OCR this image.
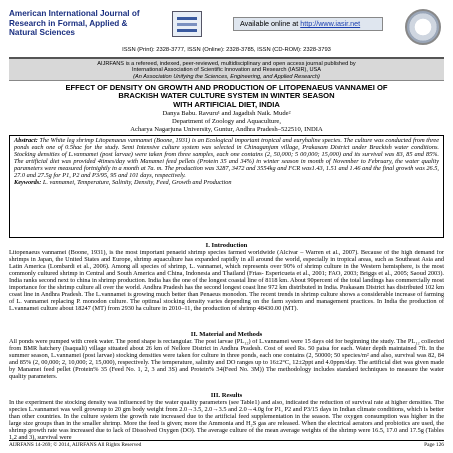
American International Journal of Research in Formal, Applied & Natural Sciences
Available online at http://www.iasir.net
ISSN (Print): 2328-3777, ISSN (Online): 2328-3785, ISSN (CD-ROM): 2328-3793
AIJRFANS is a refereed, indexed, peer-reviewed, multidisciplinary and open access journal published by
International Association of Scientific Innovation and Research (IASIR), USA
(An Association Unifying the Sciences, Engineering, and Applied Research)
EFFECT OF DENSITY ON GROWTH AND PRODUCTION OF LITOPENAEUS VANNAMEI OF
BRACKISH WATER CULTURE SYSTEM IN WINTER SEASON
WITH ARTIFICIAL DIET, INDIA
Danya Babu. Ravuru¹ and Jagadish Naik. Mude²
Department of Zoology and Aquaculture,
Acharya Nagarjuna University, Guntur, Andhra Pradesh–522510, INDIA
Abstract: The White leg shrimp Litopenaeus vannamei (Boone, 1931) is an Ecological important tropical and euryhaline species. The culture was conducted from three ponds each one of 0.5hac for the study. Semi Intensive culture system was selected in Chinaganjam village, Prakasam District under Brackish water conditions. Stocking densities of L.vannamei (post larvae) were taken from three samples, each one contains (2, 50,000; 5 00,000; 15,000) and its survival was 83, 85 and 85%. The artificial diet was provided 4times/day with Manamei feed pellets (Protein 35 and 34%) in winter season in month of November to February, the water quality parameters were measured fortnightly in a month at 7a. m. The production was 3287, 3472 and 3554kg and FCR was1.43, 1.51 and 1.46 and the final growth was 26.5, 27.0 and 27.5g for P1, P2 and P3/95, 95 and 101 days, respectively.
Keywords: L. vannamei, Temperature, Salinity, Density, Feed, Growth and Production
I. Introduction
Litopenaeus vannamei (Boone, 1931), is the most important penaeid shrimp species farmed worldwide (Alcivar – Warren et al., 2007). Because of the high demand for shrimps in Japan, the United States and Europe, shrimp aquaculture has expanded rapidly in all around the world, especially in tropical areas, such as Southeast Asia and Latin America (Lombardi et al., 2006). Among all species of shrimp, L. vannamei, which represents over 90% of shrimp culture in the Western hemisphere, is the most commonly cultured shrimp in Central and South America and China, Indonesia and Thailand (Frias- Espericueta et al., 2001; FAO, 2003; Briggs et al., 2005; Saoud 2003). India ranks second next to china in shrimp production. India has the one of the longest coastal line of 8118 km. About 90percent of the total landings has commercially most importance for the shrimp culture all over the world. Andhra Pradesh has the second longest coast line 972 km distributed in India. Prakasam District has distributed 102 km coast line in Andhra Pradesh. The L.vannamei is growing much better than Penaeus monodon. The recent trends in shrimp culture shows a considerable increase of farming of L. vannamei replacing P. monodon culture. The optimal stocking density varies depending on the farm system and management practices. In India the production of L.vannamei culture about 18247 (MT) from 2930 ha culture in 2010–11, the production of shrimp 48430.00 (MT).
II. Material and Methods
All ponds were pumped with creek water. The pond shape is rectangular. The post larvae (PL₁₂) of L.vannamei were 15 days old for beginning the study. The PL₁₂ collected from BMR hatchery (Isaquali) village situated about 26 km of Nellore District in Andhra Pradesh. Cost of seed Rs. 50 paisa for each. Water depth maintained 7ft. In the summer season, L.vannamei (post larvae) stocking densities were taken for culture in three ponds, each one contains (2, 50000; 50 species/m² and also, survival was 82, 84 and 85% (2, 00,000; 2, 10,000; 2, 15,000), respectively. The temperature, salinity and DO ranges up to 16±2°C, 12±2ppt and 4.0ppm/day. The artificial diet was given made by Manamei feed pellet (Protein% 35 (Feed No. 1, 2, 3 and 3S) and Protein% 34(Feed No. 3M)) The methodology includes standard techniques to measure the water quality parameters.
III. Results
In the experiment the stocking density was influenced by the water quality parameters (see Table1) and also, indicated the reduction of survival rate at higher densities. The species L.vannamei was well grownup to 20 gm body weight from 2.0→3.5, 2.0→3.5 and 2.0→4.0g for P1, P2 and P3/15 days in Indian climate conditions, which is better than other countries. In the culture system the growth rate increased due to the artificial feed supplementation in the season. The oxygen consumption was higher in the large size groups than in the smaller shrimp. More the feed is given; more the Ammonia and H₂S gas are released. When the electrical aerators and probiotics are used, the shrimp growth rate was increased due to lack of Dissolved Oxygen (DO). The average culture of the mean average weights of the shrimp were 16.5, 17.0 and 17.5g (Tables 1,2 and 3), survival were
AIJRFANS 14-269; © 2014, AIJRFANS All Rights Reserved	Page 126
